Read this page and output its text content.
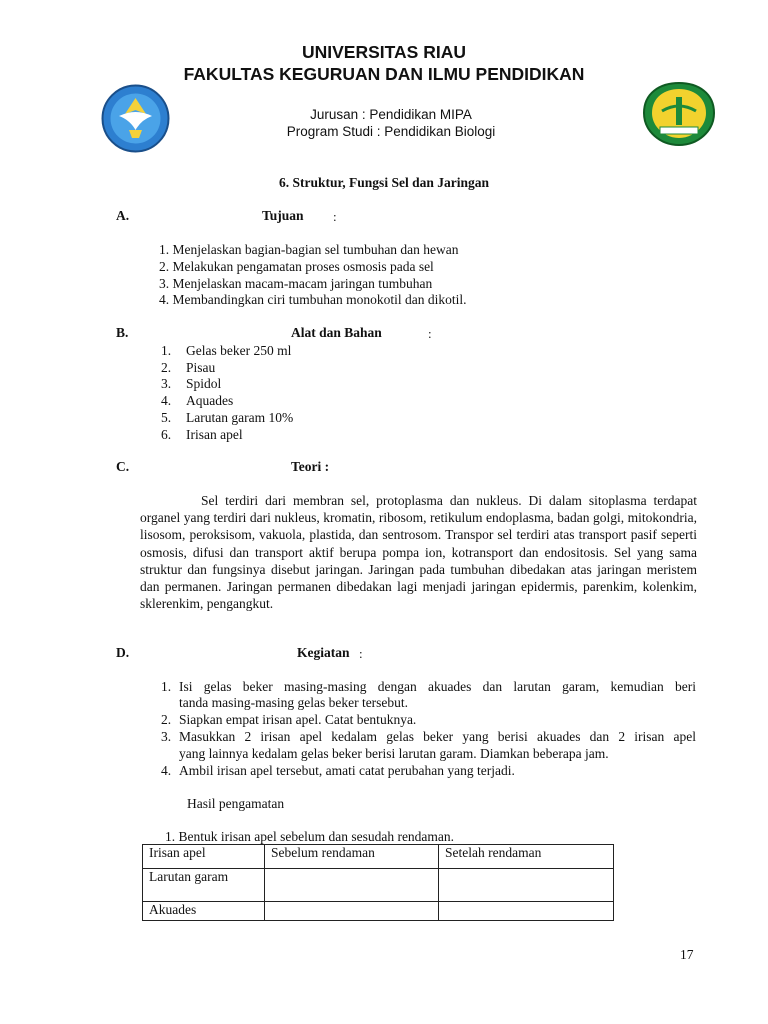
UNIVERSITAS RIAU
FAKULTAS KEGURUAN DAN ILMU PENDIDIKAN
Jurusan : Pendidikan MIPA
Program Studi : Pendidikan Biologi
6. Struktur, Fungsi Sel dan Jaringan
A.	Tujuan :
1. Menjelaskan bagian-bagian sel tumbuhan dan hewan
2. Melakukan pengamatan proses osmosis pada sel
3. Menjelaskan macam-macam jaringan tumbuhan
4. Membandingkan ciri tumbuhan monokotil dan dikotil.
B.	Alat dan Bahan	:
1. Gelas beker 250 ml
2. Pisau
3. Spidol
4. Aquades
5. Larutan garam 10%
6. Irisan apel
C.	Teori :
Sel terdiri dari membran sel, protoplasma dan nukleus. Di dalam sitoplasma terdapat organel yang terdiri dari nukleus, kromatin, ribosom, retikulum endoplasma, badan golgi, mitokondria, lisosom, peroksisom, vakuola, plastida, dan sentrosom. Transpor sel terdiri atas transport pasif seperti osmosis, difusi dan transport aktif berupa pompa ion, kotransport dan endositosis. Sel yang sama struktur dan fungsinya disebut jaringan. Jaringan pada tumbuhan dibedakan atas jaringan meristem dan permanen. Jaringan permanen dibedakan lagi menjadi jaringan epidermis, parenkim, kolenkim, sklerenkim, pengangkut.
D.	Kegiatan :
1. Isi gelas beker masing-masing dengan akuades dan larutan garam, kemudian beri
tanda masing-masing gelas beker tersebut.
2. Siapkan empat irisan apel. Catat bentuknya.
3. Masukkan 2 irisan apel kedalam gelas beker yang berisi akuades dan 2 irisan apel
yang lainnya kedalam gelas beker berisi larutan garam. Diamkan beberapa jam.
4. Ambil irisan apel tersebut, amati catat perubahan yang terjadi.
Hasil pengamatan
1. Bentuk irisan apel sebelum dan sesudah rendaman.
Irisan apel	Sebelum rendaman	Setelah rendaman
Larutan garam		
Akuades		
17
